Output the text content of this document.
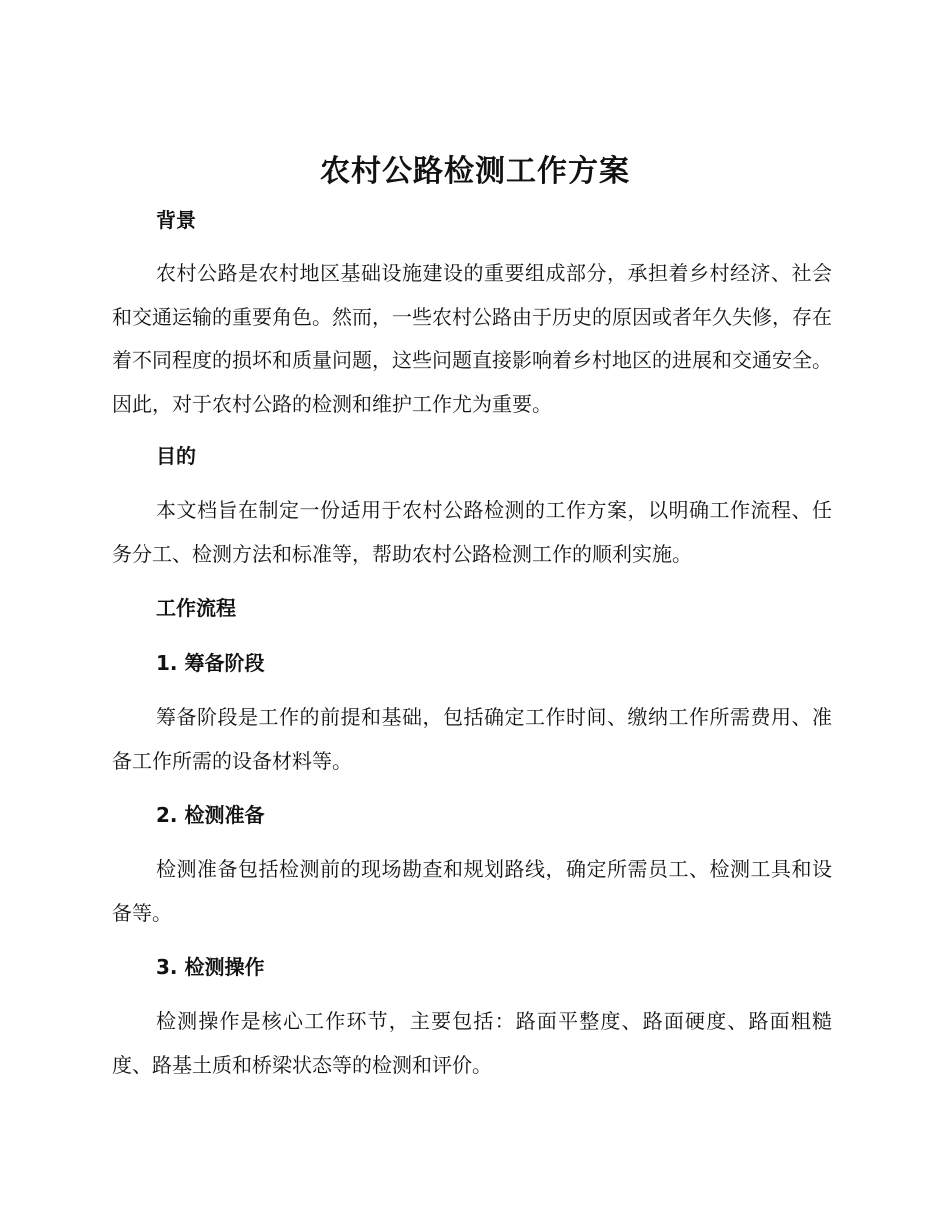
农村公路检测工作方案
背景

农村公路是农村地区基础设施建设的重要组成部分，承担着乡村经济、社会和交通运输的重要角色。然而，一些农村公路由于历史的原因或者年久失修，存在着不同程度的损坏和质量问题，这些问题直接影响着乡村地区的进展和交通安全。因此，对于农村公路的检测和维护工作尤为重要。

目的

本文档旨在制定一份适用于农村公路检测的工作方案，以明确工作流程、任务分工、检测方法和标准等，帮助农村公路检测工作的顺利实施。

工作流程
1. 筹备阶段

筹备阶段是工作的前提和基础，包括确定工作时间、缴纳工作所需费用、准备工作所需的设备材料等。

2. 检测准备

检测准备包括检测前的现场勘查和规划路线，确定所需员工、检测工具和设备等。

3. 检测操作

检测操作是核心工作环节，主要包括：路面平整度、路面硬度、路面粗糙度、路基土质和桥梁状态等的检测和评价。
